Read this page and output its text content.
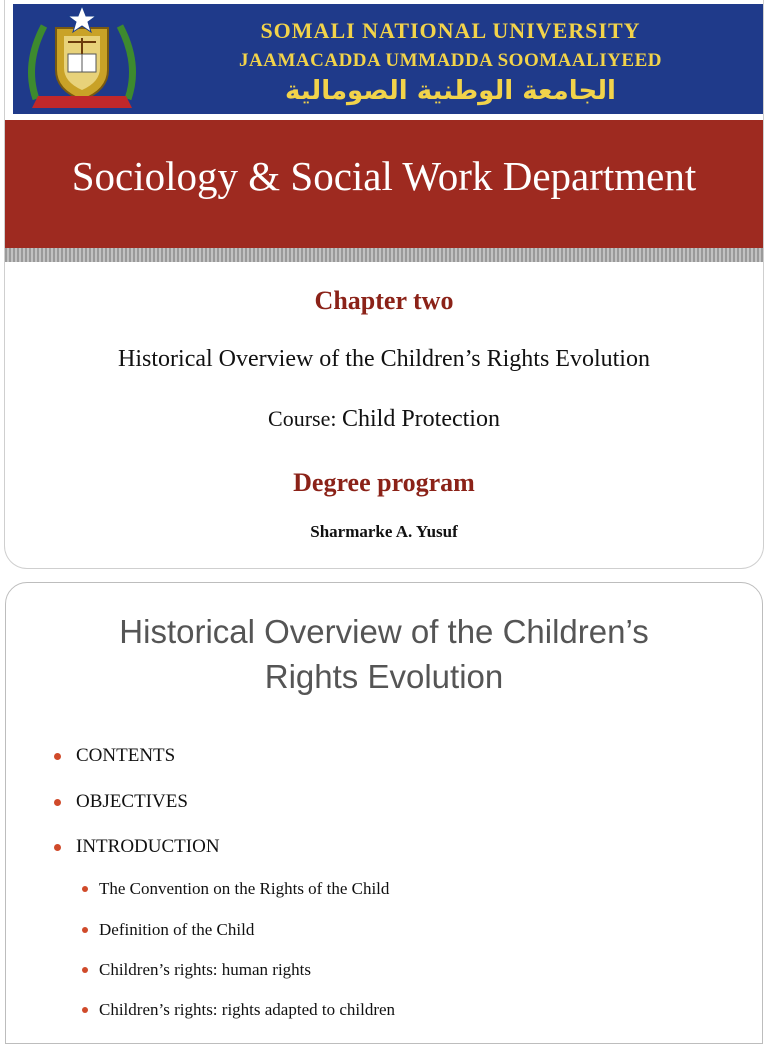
SOMALI NATIONAL UNIVERSITY
JAAMACADDA UMMADDA SOOMAALIYEED
الجامعة الوطنية الصومالية
Sociology & Social Work Department
Chapter two
Historical Overview of the Children’s Rights Evolution
Course: Child Protection
Degree program
Sharmarke A. Yusuf
Historical Overview of the Children’s
Rights Evolution
CONTENTS
OBJECTIVES
INTRODUCTION
The Convention on the Rights of the Child
Definition of the Child
Children’s rights: human rights
Children’s rights: rights adapted to children
